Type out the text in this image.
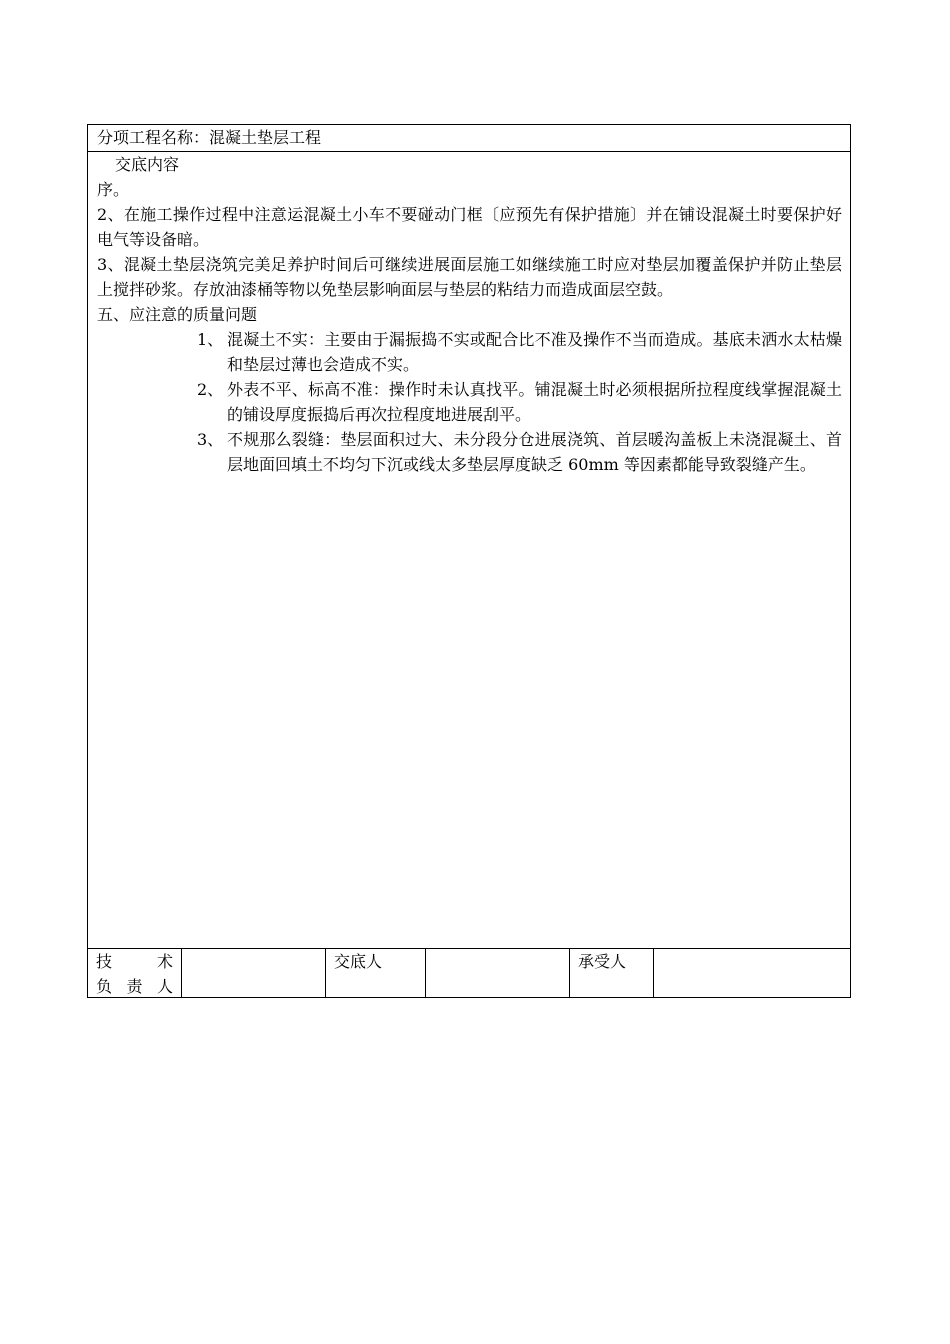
分项工程名称：混凝土垫层工程

交底内容

序。

2、在施工操作过程中注意运混凝土小车不要碰动门框〔应预先有保护措施〕并在铺设混凝土时要保护好电气等设备暗。

3、混凝土垫层浇筑完美足养护时间后可继续进展面层施工如继续施工时应对垫层加覆盖保护并防止垫层上搅拌砂浆。存放油漆桶等物以免垫层影响面层与垫层的粘结力而造成面层空鼓。

五、应注意的质量问题

1、 混凝土不实：主要由于漏振捣不实或配合比不准及操作不当而造成。基底未洒水太枯燥和垫层过薄也会造成不实。
2、 外表不平、标高不准：操作时未认真找平。铺混凝土时必须根据所拉程度线掌握混凝土的铺设厚度振捣后再次拉程度地进展刮平。
3、 不规那么裂缝：垫层面积过大、未分段分仓进展浇筑、首层暖沟盖板上未浇混凝土、首层地面回填土不均匀下沉或线太多垫层厚度缺乏 60mm 等因素都能导致裂缝产生。
技 术
负 责 人
交底人	承受人
